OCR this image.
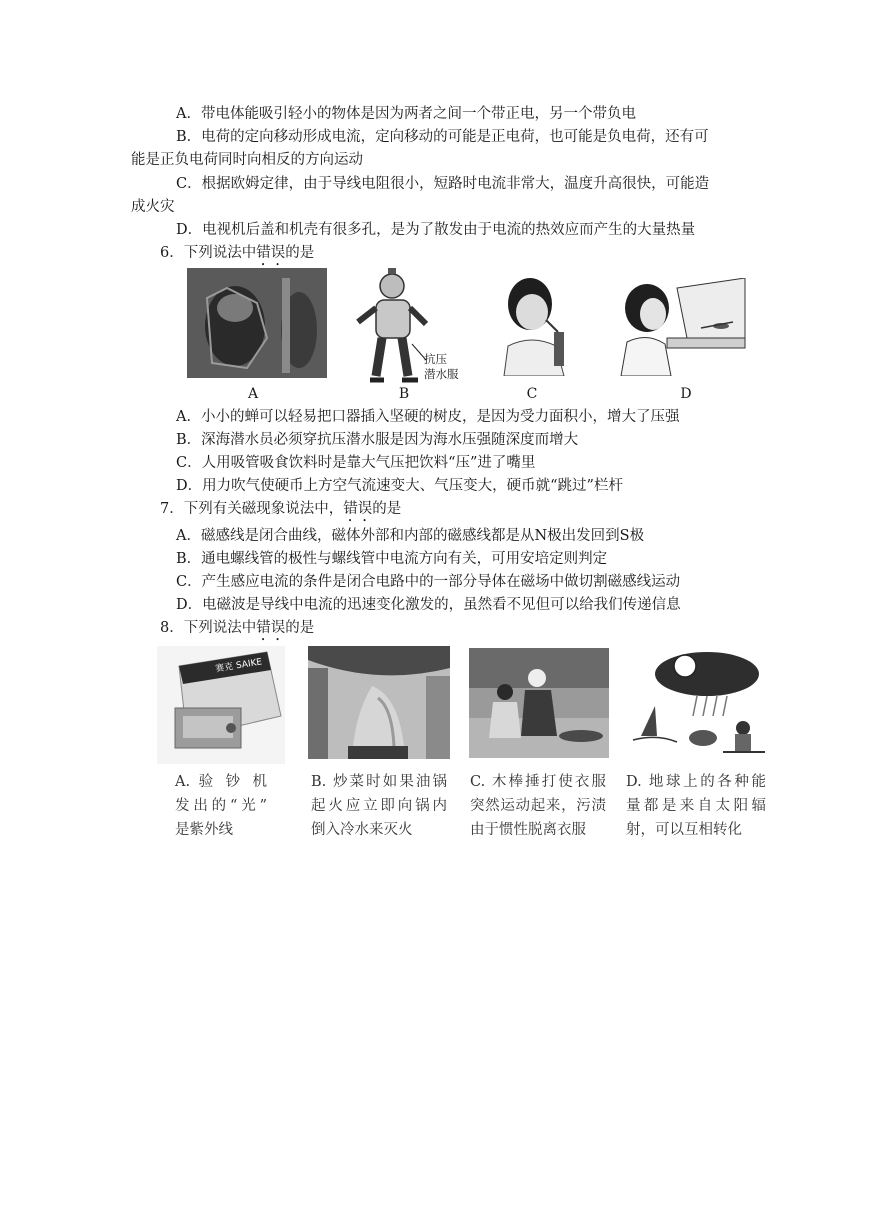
A．带电体能吸引轻小的物体是因为两者之间一个带正电，另一个带负电
B．电荷的定向移动形成电流，定向移动的可能是正电荷，也可能是负电荷，还有可
能是正负电荷同时向相反的方向运动
C．根据欧姆定律，由于导线电阻很小，短路时电流非常大，温度升高很快，可能造
成火灾
D．电视机后盖和机壳有很多孔，是为了散发由于电流的热效应而产生的大量热量
6．下列说法中错误的是
抗压
潜水服
A	B	C	D
A．小小的蝉可以轻易把口器插入坚硬的树皮，是因为受力面积小，增大了压强
B．深海潜水员必须穿抗压潜水服是因为海水压强随深度而增大
C．人用吸管吸食饮料时是靠大气压把饮料“压”进了嘴里
D．用力吹气使硬币上方空气流速变大、气压变大，硬币就“跳过”栏杆
7．下列有关磁现象说法中，错误的是
A．磁感线是闭合曲线，磁体外部和内部的磁感线都是从N极出发回到S极
B．通电螺线管的极性与螺线管中电流方向有关，可用安培定则判定
C．产生感应电流的条件是闭合电路中的一部分导体在磁场中做切割磁感线运动
D．电磁波是导线中电流的迅速变化激发的，虽然看不见但可以给我们传递信息
8．下列说法中错误的是
赛克 SAIKE
A. 验 钞 机
发出的“光”
是紫外线
B. 炒菜时如果油锅
起火应立即向锅内
倒入冷水来灭火
C. 木棒捶打使衣服
突然运动起来，污渍
由于惯性脱离衣服
D. 地球上的各种能
量都是来自太阳辐
射，可以互相转化
